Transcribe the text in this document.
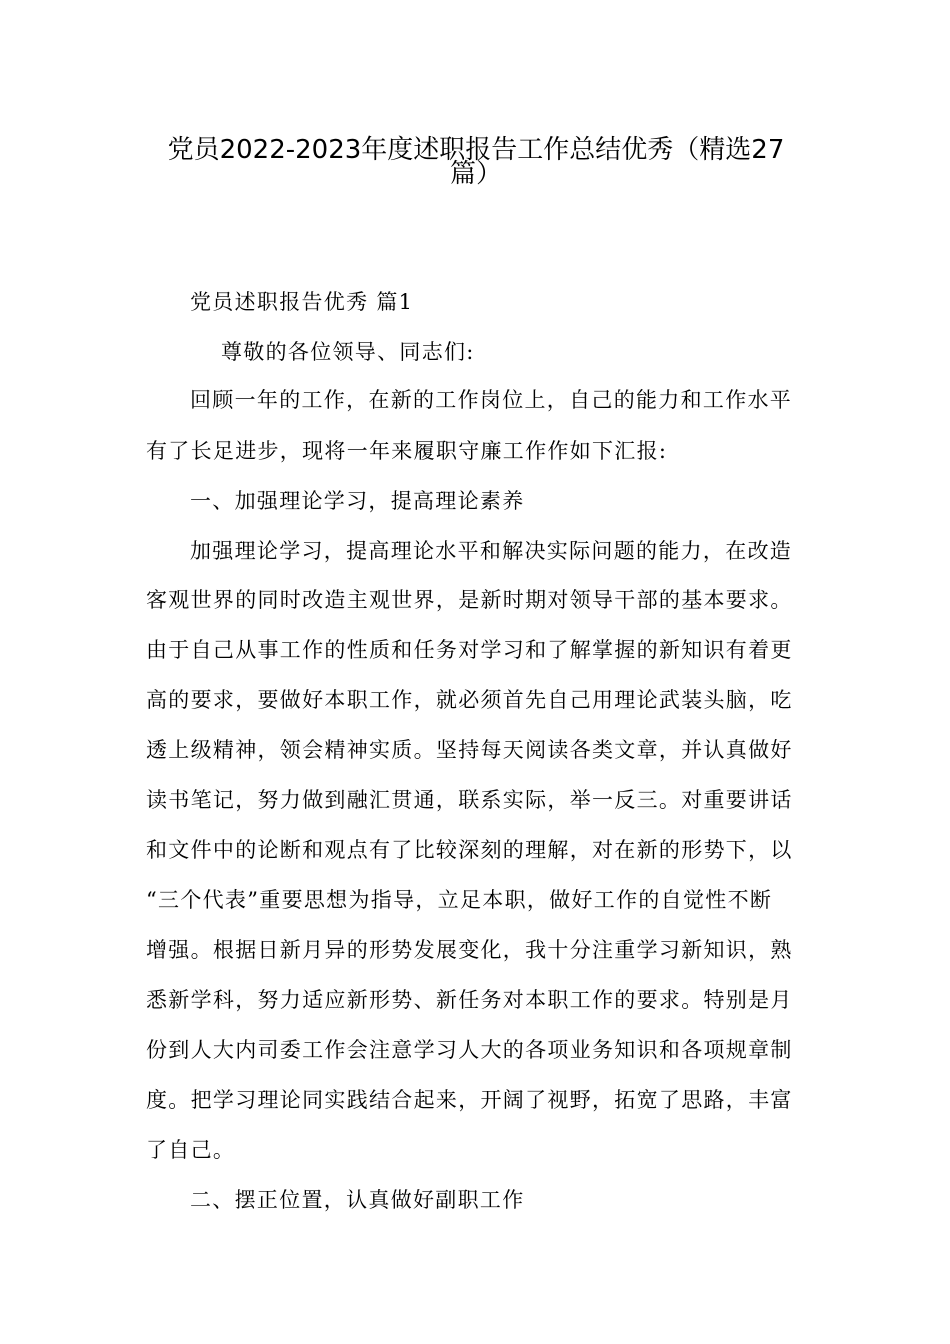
党员2022-2023年度述职报告工作总结优秀（精选27
篇）
党员述职报告优秀 篇1
尊敬的各位领导、同志们:
回顾一年的工作，在新的工作岗位上，自己的能力和工作水平
有了长足进步，现将一年来履职守廉工作作如下汇报:
一、加强理论学习，提高理论素养
加强理论学习，提高理论水平和解决实际问题的能力，在改造
客观世界的同时改造主观世界，是新时期对领导干部的基本要求。
由于自己从事工作的性质和任务对学习和了解掌握的新知识有着更
高的要求，要做好本职工作，就必须首先自己用理论武装头脑，吃
透上级精神，领会精神实质。坚持每天阅读各类文章，并认真做好
读书笔记，努力做到融汇贯通，联系实际，举一反三。对重要讲话
和文件中的论断和观点有了比较深刻的理解，对在新的形势下，以
“三个代表”重要思想为指导，立足本职，做好工作的自觉性不断
增强。根据日新月异的形势发展变化，我十分注重学习新知识，熟
悉新学科，努力适应新形势、新任务对本职工作的要求。特别是月
份到人大内司委工作会注意学习人大的各项业务知识和各项规章制
度。把学习理论同实践结合起来，开阔了视野，拓宽了思路，丰富
了自己。
二、摆正位置，认真做好副职工作
